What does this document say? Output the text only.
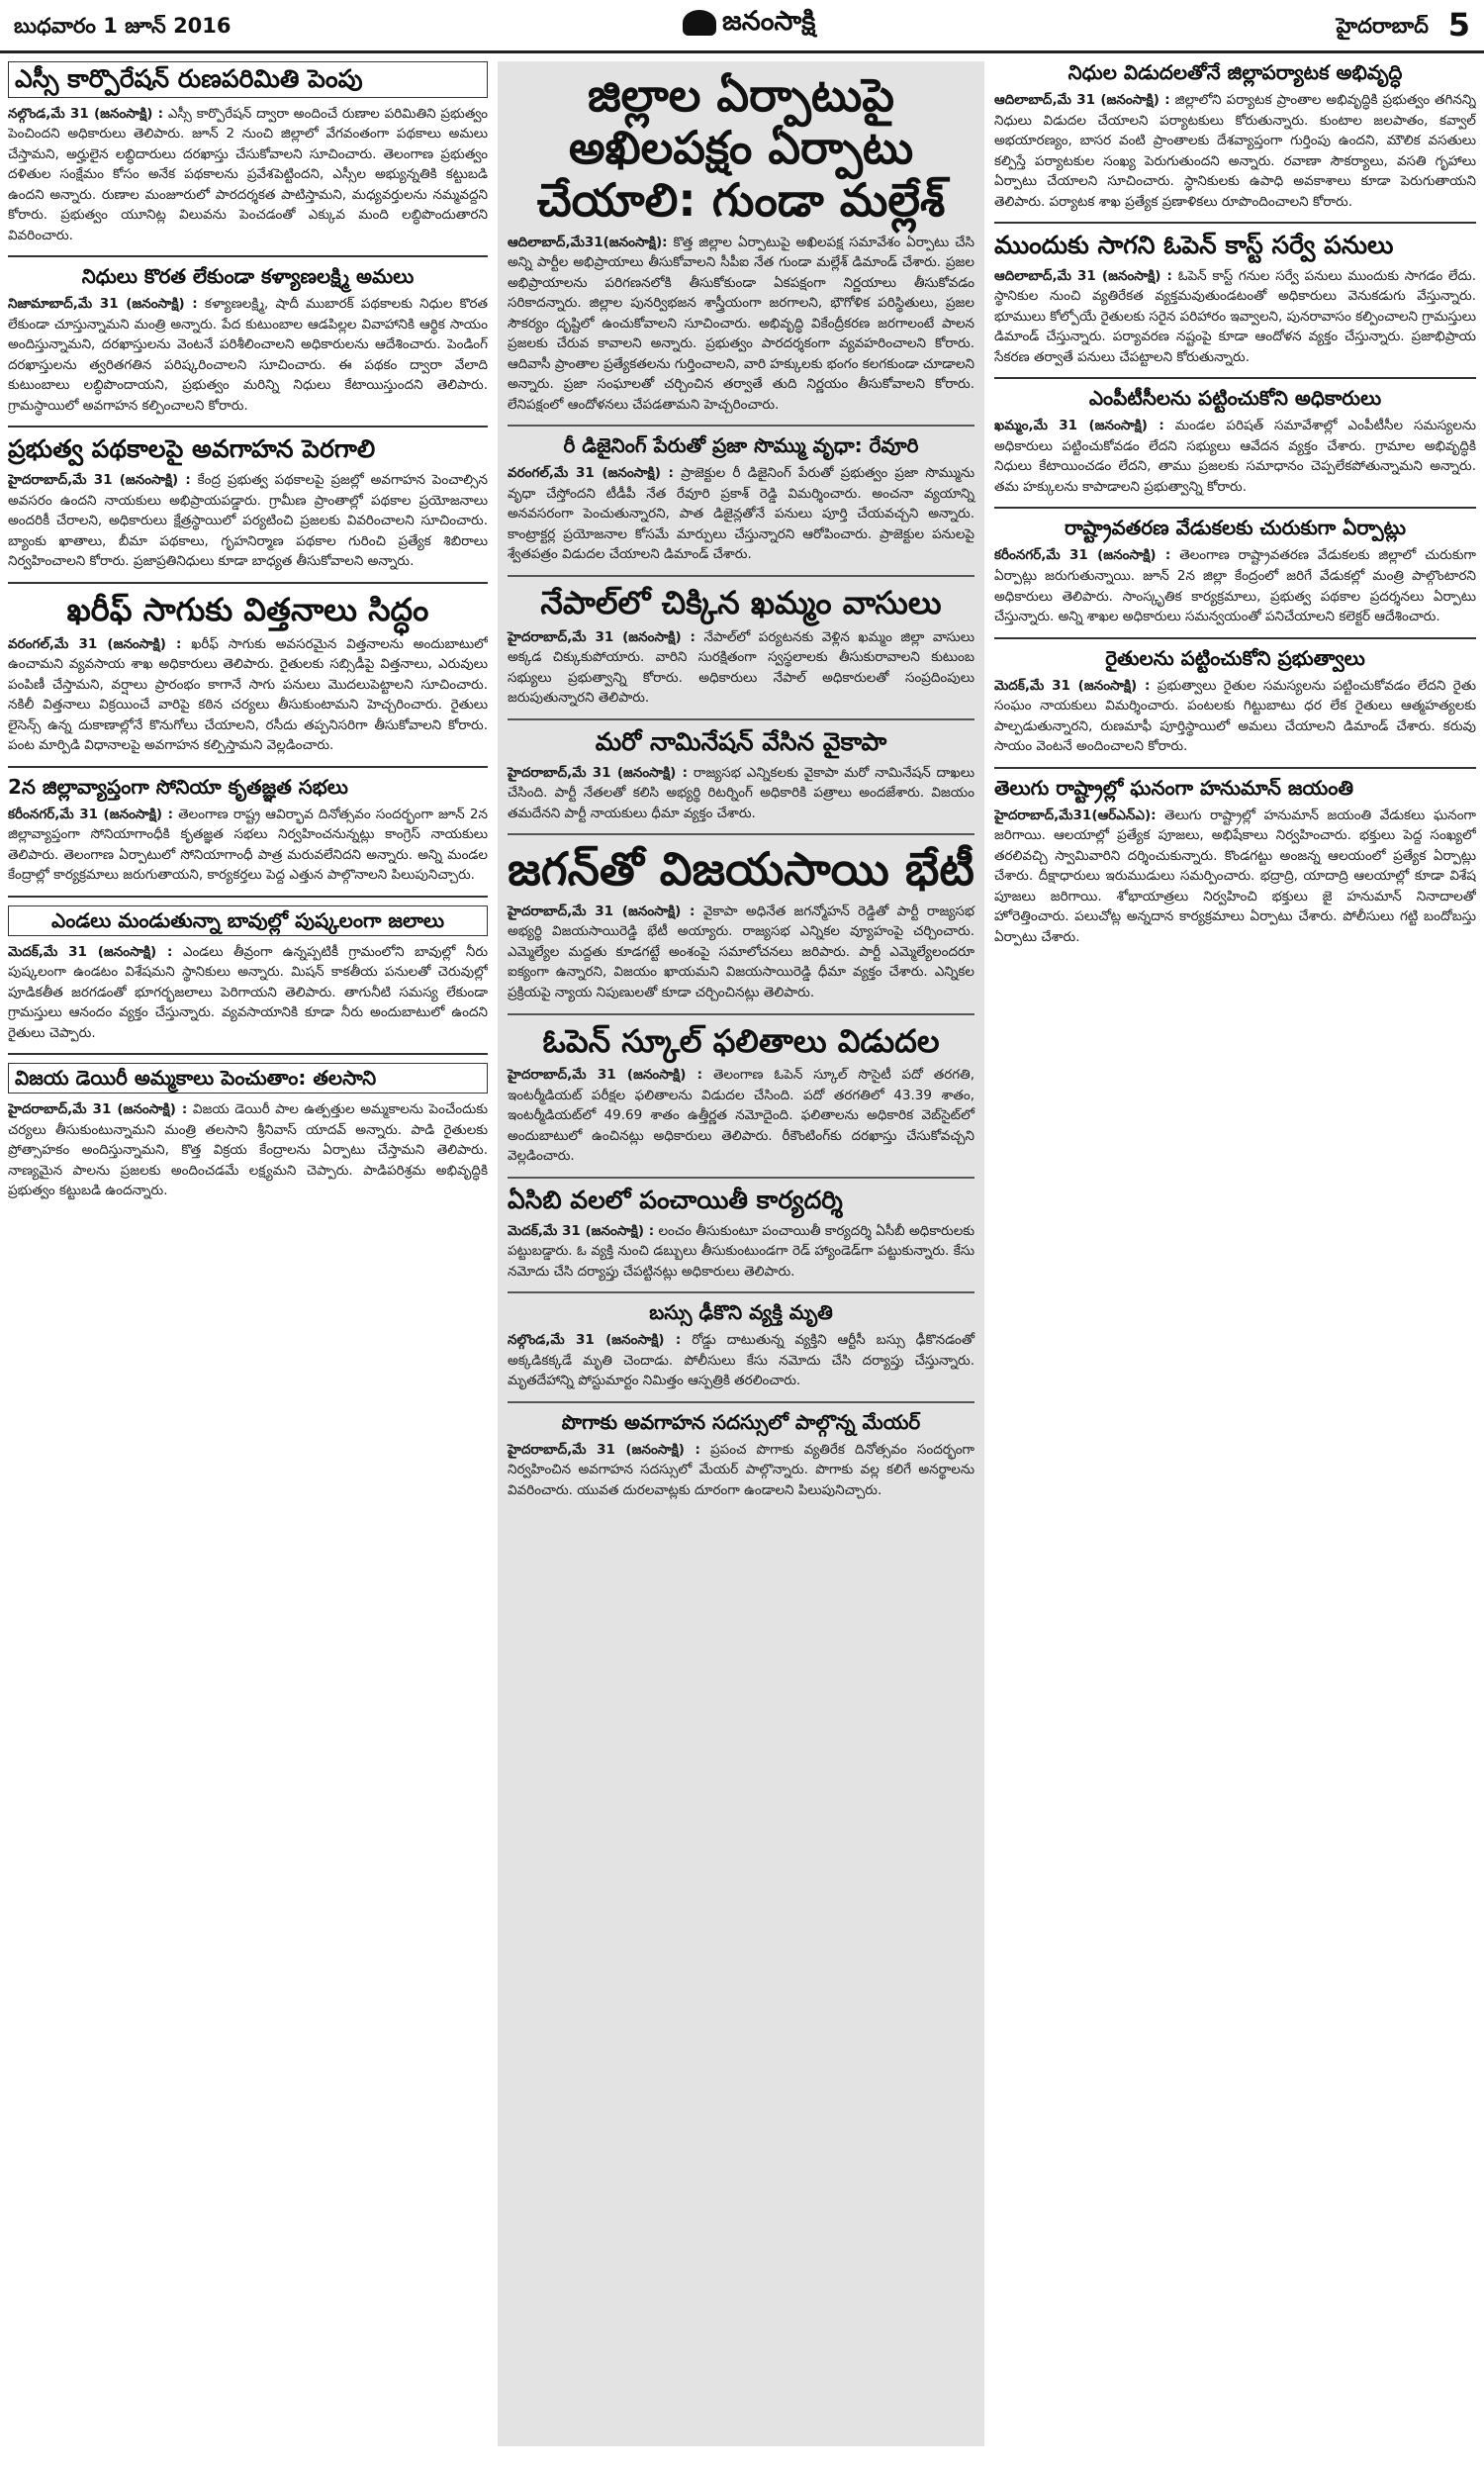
బుధవారం 1 జూన్ 2016	జనంసాక్షి	హైదరాబాద్ 5
ఎస్సీ కార్పొరేషన్ రుణపరిమితి పెంపు
నల్గొండ,మే 31 (జనంసాక్షి) : ఎస్సీ కార్పొరేషన్ ద్వారా అందించే రుణాల పరిమితిని ప్రభుత్వం పెంచిందని అధికారులు తెలిపారు. జూన్ 2 నుంచి జిల్లాలో వేగవంతంగా పథకాలు అమలు చేస్తామని, అర్హులైన లబ్ధిదారులు దరఖాస్తు చేసుకోవాలని సూచించారు. తెలంగాణ ప్రభుత్వం దళితుల సంక్షేమం కోసం అనేక పథకాలను ప్రవేశపెట్టిందని, ఎస్సీల అభ్యున్నతికి కట్టుబడి ఉందని అన్నారు. రుణాల మంజూరులో పారదర్శకత పాటిస్తామని, మధ్యవర్తులను నమ్మవద్దని కోరారు. ప్రభుత్వం యూనిట్ల విలువను పెంచడంతో ఎక్కువ మంది లబ్ధిపొందుతారని వివరించారు.
నిధులు కొరత లేకుండా కళ్యాణలక్ష్మి అమలు
నిజామాబాద్,మే 31 (జనంసాక్షి) : కళ్యాణలక్ష్మి, షాదీ ముబారక్ పథకాలకు నిధుల కొరత లేకుండా చూస్తున్నామని మంత్రి అన్నారు. పేద కుటుంబాల ఆడపిల్లల వివాహానికి ఆర్థిక సాయం అందిస్తున్నామని, దరఖాస్తులను వెంటనే పరిశీలించాలని అధికారులను ఆదేశించారు. పెండింగ్ దరఖాస్తులను త్వరితగతిన పరిష్కరించాలని సూచించారు. ఈ పథకం ద్వారా వేలాది కుటుంబాలు లబ్ధిపొందాయని, ప్రభుత్వం మరిన్ని నిధులు కేటాయిస్తుందని తెలిపారు. గ్రామస్థాయిలో అవగాహన కల్పించాలని కోరారు.
ప్రభుత్వ పథకాలపై అవగాహన పెరగాలి
హైదరాబాద్,మే 31 (జనంసాక్షి) : కేంద్ర ప్రభుత్వ పథకాలపై ప్రజల్లో అవగాహన పెంచాల్సిన అవసరం ఉందని నాయకులు అభిప్రాయపడ్డారు. గ్రామీణ ప్రాంతాల్లో పథకాల ప్రయోజనాలు అందరికీ చేరాలని, అధికారులు క్షేత్రస్థాయిలో పర్యటించి ప్రజలకు వివరించాలని సూచించారు. బ్యాంకు ఖాతాలు, బీమా పథకాలు, గృహనిర్మాణ పథకాల గురించి ప్రత్యేక శిబిరాలు నిర్వహించాలని కోరారు. ప్రజాప్రతినిధులు కూడా బాధ్యత తీసుకోవాలని అన్నారు.
ఖరీఫ్ సాగుకు విత్తనాలు సిద్ధం
వరంగల్,మే 31 (జనంసాక్షి) : ఖరీఫ్ సాగుకు అవసరమైన విత్తనాలను అందుబాటులో ఉంచామని వ్యవసాయ శాఖ అధికారులు తెలిపారు. రైతులకు సబ్సిడీపై విత్తనాలు, ఎరువులు పంపిణీ చేస్తామని, వర్షాలు ప్రారంభం కాగానే సాగు పనులు మొదలుపెట్టాలని సూచించారు. నకిలీ విత్తనాలు విక్రయించే వారిపై కఠిన చర్యలు తీసుకుంటామని హెచ్చరించారు. రైతులు లైసెన్స్ ఉన్న దుకాణాల్లోనే కొనుగోలు చేయాలని, రసీదు తప్పనిసరిగా తీసుకోవాలని కోరారు. పంట మార్పిడి విధానాలపై అవగాహన కల్పిస్తామని వెల్లడించారు.
2న జిల్లావ్యాప్తంగా సోనియా కృతజ్ఞత సభలు
కరీంనగర్,మే 31 (జనంసాక్షి) : తెలంగాణ రాష్ట్ర ఆవిర్భావ దినోత్సవం సందర్భంగా జూన్ 2న జిల్లావ్యాప్తంగా సోనియాగాంధీకి కృతజ్ఞత సభలు నిర్వహించనున్నట్లు కాంగ్రెస్ నాయకులు తెలిపారు. తెలంగాణ ఏర్పాటులో సోనియాగాంధీ పాత్ర మరువలేనిదని అన్నారు. అన్ని మండల కేంద్రాల్లో కార్యక్రమాలు జరుగుతాయని, కార్యకర్తలు పెద్ద ఎత్తున పాల్గొనాలని పిలుపునిచ్చారు.
ఎండలు మండుతున్నా బావుల్లో పుష్కలంగా జలాలు
మెదక్,మే 31 (జనంసాక్షి) : ఎండలు తీవ్రంగా ఉన్నప్పటికీ గ్రామంలోని బావుల్లో నీరు పుష్కలంగా ఉండటం విశేషమని స్థానికులు అన్నారు. మిషన్ కాకతీయ పనులతో చెరువుల్లో పూడికతీత జరగడంతో భూగర్భజలాలు పెరిగాయని తెలిపారు. తాగునీటి సమస్య లేకుండా గ్రామస్తులు ఆనందం వ్యక్తం చేస్తున్నారు. వ్యవసాయానికి కూడా నీరు అందుబాటులో ఉందని రైతులు చెప్పారు.
విజయ డెయిరీ అమ్మకాలు పెంచుతాం: తలసాని
హైదరాబాద్,మే 31 (జనంసాక్షి) : విజయ డెయిరీ పాల ఉత్పత్తుల అమ్మకాలను పెంచేందుకు చర్యలు తీసుకుంటున్నామని మంత్రి తలసాని శ్రీనివాస్ యాదవ్ అన్నారు. పాడి రైతులకు ప్రోత్సాహకం అందిస్తున్నామని, కొత్త విక్రయ కేంద్రాలను ఏర్పాటు చేస్తామని తెలిపారు. నాణ్యమైన పాలను ప్రజలకు అందించడమే లక్ష్యమని చెప్పారు. పాడిపరిశ్రమ అభివృద్ధికి ప్రభుత్వం కట్టుబడి ఉందన్నారు.
జిల్లాల ఏర్పాటుపై అఖిలపక్షం ఏర్పాటు చేయాలి: గుండా మల్లేశ్
ఆదిలాబాద్,మే31(జనంసాక్షి): కొత్త జిల్లాల ఏర్పాటుపై అఖిలపక్ష సమావేశం ఏర్పాటు చేసి అన్ని పార్టీల అభిప్రాయాలు తీసుకోవాలని సీపీఐ నేత గుండా మల్లేశ్ డిమాండ్ చేశారు. ప్రజల అభిప్రాయాలను పరిగణనలోకి తీసుకోకుండా ఏకపక్షంగా నిర్ణయాలు తీసుకోవడం సరికాదన్నారు. జిల్లాల పునర్విభజన శాస్త్రీయంగా జరగాలని, భౌగోళిక పరిస్థితులు, ప్రజల సౌకర్యం దృష్టిలో ఉంచుకోవాలని సూచించారు. అభివృద్ధి వికేంద్రీకరణ జరగాలంటే పాలన ప్రజలకు చేరువ కావాలని అన్నారు. ప్రభుత్వం పారదర్శకంగా వ్యవహరించాలని కోరారు. ఆదివాసీ ప్రాంతాల ప్రత్యేకతలను గుర్తించాలని, వారి హక్కులకు భంగం కలగకుండా చూడాలని అన్నారు. ప్రజా సంఘాలతో చర్చించిన తర్వాతే తుది నిర్ణయం తీసుకోవాలని కోరారు. లేనిపక్షంలో ఆందోళనలు చేపడతామని హెచ్చరించారు.
రీ డిజైనింగ్ పేరుతో ప్రజా సొమ్ము వృధా: రేవూరి
వరంగల్,మే 31 (జనంసాక్షి) : ప్రాజెక్టుల రీ డిజైనింగ్ పేరుతో ప్రభుత్వం ప్రజా సొమ్మును వృధా చేస్తోందని టీడీపీ నేత రేవూరి ప్రకాశ్ రెడ్డి విమర్శించారు. అంచనా వ్యయాన్ని అనవసరంగా పెంచుతున్నారని, పాత డిజైన్లతోనే పనులు పూర్తి చేయవచ్చని అన్నారు. కాంట్రాక్టర్ల ప్రయోజనాల కోసమే మార్పులు చేస్తున్నారని ఆరోపించారు. ప్రాజెక్టుల పనులపై శ్వేతపత్రం విడుదల చేయాలని డిమాండ్ చేశారు.
నేపాల్‌లో చిక్కిన ఖమ్మం వాసులు
హైదరాబాద్,మే 31 (జనంసాక్షి) : నేపాల్‌లో పర్యటనకు వెళ్లిన ఖమ్మం జిల్లా వాసులు అక్కడ చిక్కుకుపోయారు. వారిని సురక్షితంగా స్వస్థలాలకు తీసుకురావాలని కుటుంబ సభ్యులు ప్రభుత్వాన్ని కోరారు. అధికారులు నేపాల్ అధికారులతో సంప్రదింపులు జరుపుతున్నారని తెలిపారు.
మరో నామినేషన్ వేసిన వైకాపా
హైదరాబాద్,మే 31 (జనంసాక్షి) : రాజ్యసభ ఎన్నికలకు వైకాపా మరో నామినేషన్ దాఖలు చేసింది. పార్టీ నేతలతో కలిసి అభ్యర్థి రిటర్నింగ్ అధికారికి పత్రాలు అందజేశారు. విజయం తమదేనని పార్టీ నాయకులు ధీమా వ్యక్తం చేశారు.
జగన్‌తో విజయసాయి భేటీ
హైదరాబాద్,మే 31 (జనంసాక్షి) : వైకాపా అధినేత జగన్మోహన్ రెడ్డితో పార్టీ రాజ్యసభ అభ్యర్థి విజయసాయిరెడ్డి భేటీ అయ్యారు. రాజ్యసభ ఎన్నికల వ్యూహంపై చర్చించారు. ఎమ్మెల్యేల మద్దతు కూడగట్టే అంశంపై సమాలోచనలు జరిపారు. పార్టీ ఎమ్మెల్యేలందరూ ఐక్యంగా ఉన్నారని, విజయం ఖాయమని విజయసాయిరెడ్డి ధీమా వ్యక్తం చేశారు. ఎన్నికల ప్రక్రియపై న్యాయ నిపుణులతో కూడా చర్చించినట్లు తెలిపారు.
ఓపెన్ స్కూల్ ఫలితాలు విడుదల
హైదరాబాద్,మే 31 (జనంసాక్షి) : తెలంగాణ ఓపెన్ స్కూల్ సొసైటీ పదో తరగతి, ఇంటర్మీడియట్ పరీక్షల ఫలితాలను విడుదల చేసింది. పదో తరగతిలో 43.39 శాతం, ఇంటర్మీడియట్‌లో 49.69 శాతం ఉత్తీర్ణత నమోదైంది. ఫలితాలను అధికారిక వెబ్‌సైట్‌లో అందుబాటులో ఉంచినట్లు అధికారులు తెలిపారు. రీకౌంటింగ్‌కు దరఖాస్తు చేసుకోవచ్చని వెల్లడించారు.
ఏసిబి వలలో పంచాయితీ కార్యదర్శి
మెదక్,మే 31 (జనంసాక్షి) : లంచం తీసుకుంటూ పంచాయితీ కార్యదర్శి ఏసీబీ అధికారులకు పట్టుబడ్డారు. ఓ వ్యక్తి నుంచి డబ్బులు తీసుకుంటుండగా రెడ్ హ్యాండెడ్‌గా పట్టుకున్నారు. కేసు నమోదు చేసి దర్యాప్తు చేపట్టినట్లు అధికారులు తెలిపారు.
బస్సు ఢీకొని వ్యక్తి మృతి
నల్గొండ,మే 31 (జనంసాక్షి) : రోడ్డు దాటుతున్న వ్యక్తిని ఆర్టీసీ బస్సు ఢీకొనడంతో అక్కడికక్కడే మృతి చెందాడు. పోలీసులు కేసు నమోదు చేసి దర్యాప్తు చేస్తున్నారు. మృతదేహాన్ని పోస్టుమార్టం నిమిత్తం ఆస్పత్రికి తరలించారు.
పొగాకు అవగాహన సదస్సులో పాల్గొన్న మేయర్
హైదరాబాద్,మే 31 (జనంసాక్షి) : ప్రపంచ పొగాకు వ్యతిరేక దినోత్సవం సందర్భంగా నిర్వహించిన అవగాహన సదస్సులో మేయర్ పాల్గొన్నారు. పొగాకు వల్ల కలిగే అనర్థాలను వివరించారు. యువత దురలవాట్లకు దూరంగా ఉండాలని పిలుపునిచ్చారు.
నిధుల విడుదలతోనే జిల్లాపర్యాటక అభివృద్ధి
ఆదిలాబాద్,మే 31 (జనంసాక్షి) : జిల్లాలోని పర్యాటక ప్రాంతాల అభివృద్ధికి ప్రభుత్వం తగినన్ని నిధులు విడుదల చేయాలని పర్యాటకులు కోరుతున్నారు. కుంటాల జలపాతం, కవ్వాల్ అభయారణ్యం, బాసర వంటి ప్రాంతాలకు దేశవ్యాప్తంగా గుర్తింపు ఉందని, మౌలిక వసతులు కల్పిస్తే పర్యాటకుల సంఖ్య పెరుగుతుందని అన్నారు. రవాణా సౌకర్యాలు, వసతి గృహాలు ఏర్పాటు చేయాలని సూచించారు. స్థానికులకు ఉపాధి అవకాశాలు కూడా పెరుగుతాయని తెలిపారు. పర్యాటక శాఖ ప్రత్యేక ప్రణాళికలు రూపొందించాలని కోరారు.
ముందుకు సాగని ఓపెన్ కాస్ట్ సర్వే పనులు
ఆదిలాబాద్,మే 31 (జనంసాక్షి) : ఓపెన్ కాస్ట్ గనుల సర్వే పనులు ముందుకు సాగడం లేదు. స్థానికుల నుంచి వ్యతిరేకత వ్యక్తమవుతుండటంతో అధికారులు వెనుకడుగు వేస్తున్నారు. భూములు కోల్పోయే రైతులకు సరైన పరిహారం ఇవ్వాలని, పునరావాసం కల్పించాలని గ్రామస్తులు డిమాండ్ చేస్తున్నారు. పర్యావరణ నష్టంపై కూడా ఆందోళన వ్యక్తం చేస్తున్నారు. ప్రజాభిప్రాయ సేకరణ తర్వాతే పనులు చేపట్టాలని కోరుతున్నారు.
ఎంపీటీసీలను పట్టించుకోని అధికారులు
ఖమ్మం,మే 31 (జనంసాక్షి) : మండల పరిషత్ సమావేశాల్లో ఎంపీటీసీల సమస్యలను అధికారులు పట్టించుకోవడం లేదని సభ్యులు ఆవేదన వ్యక్తం చేశారు. గ్రామాల అభివృద్ధికి నిధులు కేటాయించడం లేదని, తాము ప్రజలకు సమాధానం చెప్పలేకపోతున్నామని అన్నారు. తమ హక్కులను కాపాడాలని ప్రభుత్వాన్ని కోరారు.
రాష్ట్రావతరణ వేడుకలకు చురుకుగా ఏర్పాట్లు
కరీంనగర్,మే 31 (జనంసాక్షి) : తెలంగాణ రాష్ట్రావతరణ వేడుకలకు జిల్లాలో చురుకుగా ఏర్పాట్లు జరుగుతున్నాయి. జూన్ 2న జిల్లా కేంద్రంలో జరిగే వేడుకల్లో మంత్రి పాల్గొంటారని అధికారులు తెలిపారు. సాంస్కృతిక కార్యక్రమాలు, ప్రభుత్వ పథకాల ప్రదర్శనలు ఏర్పాటు చేస్తున్నారు. అన్ని శాఖల అధికారులు సమన్వయంతో పనిచేయాలని కలెక్టర్ ఆదేశించారు.
రైతులను పట్టించుకోని ప్రభుత్వాలు
మెదక్,మే 31 (జనంసాక్షి) : ప్రభుత్వాలు రైతుల సమస్యలను పట్టించుకోవడం లేదని రైతు సంఘం నాయకులు విమర్శించారు. పంటలకు గిట్టుబాటు ధర లేక రైతులు ఆత్మహత్యలకు పాల్పడుతున్నారని, రుణమాఫీ పూర్తిస్థాయిలో అమలు చేయాలని డిమాండ్ చేశారు. కరువు సాయం వెంటనే అందించాలని కోరారు.
తెలుగు రాష్ట్రాల్లో ఘనంగా హనుమాన్ జయంతి
హైదరాబాద్,మే31(ఆర్ఎన్ఎ): తెలుగు రాష్ట్రాల్లో హనుమాన్ జయంతి వేడుకలు ఘనంగా జరిగాయి. ఆలయాల్లో ప్రత్యేక పూజలు, అభిషేకాలు నిర్వహించారు. భక్తులు పెద్ద సంఖ్యలో తరలివచ్చి స్వామివారిని దర్శించుకున్నారు. కొండగట్టు అంజన్న ఆలయంలో ప్రత్యేక ఏర్పాట్లు చేశారు. దీక్షాధారులు ఇరుముడులు సమర్పించారు. భద్రాద్రి, యాదాద్రి ఆలయాల్లో కూడా విశేష పూజలు జరిగాయి. శోభాయాత్రలు నిర్వహించి భక్తులు జై హనుమాన్ నినాదాలతో హోరెత్తించారు. పలుచోట్ల అన్నదాన కార్యక్రమాలు ఏర్పాటు చేశారు. పోలీసులు గట్టి బందోబస్తు ఏర్పాటు చేశారు.
